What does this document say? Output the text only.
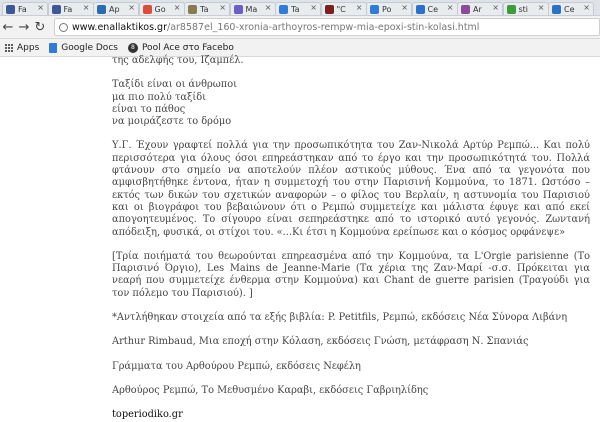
Fa × Fa × Ap × Go × Ta × Ma × Ta × "C × Po × Ce × Ar × sti × Ce ×
← → ↻	www.enallaktikos.gr /ar8587el_160-xronia-arthoyros-rempw-mia-epoxi-stin-kolasi.html
Apps Google Docs	8 Pool Ace στο Facebo

της αδελφής του, Ιζαμπέλ.

Ταξίδι είναι οι άνθρωποι

μα πιο πολύ ταξίδι

είναι το πάθος

να μοιράζεστε το δρόμο

Υ.Γ. Έχουν γραφτεί πολλά για την προσωπικότητα του Ζαν-Νικολά Αρτύρ Ρεμπώ... Και πολύ περισσότερα για όλους όσοι επηρεάστηκαν από το έργο και την προσωπικότητά του. Πολλά φτάνουν στο σημείο να αποτελούν πλέον αστικούς μύθους. Ένα από τα γεγονότα που αμφισβητήθηκε έντονα, ήταν η συμμετοχή του στην Παρισινή Κομμούνα, το 1871. Ωστόσο – εκτός των δικών του σχετικών αναφορών – ο φίλος του Βερλαίν, η αστυνομία του Παρισιού και οι βιογράφοι του βεβαιώνουν ότι ο Ρεμπώ συμμετείχε και μάλιστα έφυγε και από εκεί απογοητευμένος. Το σίγουρο είναι σεπηρεάστηκε από το ιστορικό αυτό γεγονός. Ζωντανή απόδειξη, φυσικά, οι στίχοι του. «...Κι έτσι η Κομμούνα ερείπωσε και ο κόσμος ορφάνεψε»

[Τρία ποιήματά του θεωρούνται επηρεασμένα από την Κομμούνα, τα L'Orgie parisienne (Το Παρισινό Όργιο), Les Mains de Jeanne-Marie (Τα χέρια της Ζαν-Μαρί -σ.σ. Πρόκειται για νεαρή που συμμετείχε ένθερμα στην Κομμούνα) και Chant de guerre parisien (Τραγούδι για τον πόλεμο του Παρισιού). ]

*Αντλήθηκαν στοιχεία από τα εξής βιβλία: P. Petitfils, Ρεμπώ, εκδόσεις Νέα Σύνορα Λιβάνη

Arthur Rimbaud, Μια εποχή στην Κόλαση, εκδόσεις Γνώση, μετάφραση Ν. Σπανιάς

Γράμματα του Αρθούρου Ρεμπώ, εκδόσεις Νεφέλη

Αρθούρος Ρεμπώ, Το Μεθυσμένο Καραβι, εκδόσεις Γαβριηλίδης

toperiodiko.gr
